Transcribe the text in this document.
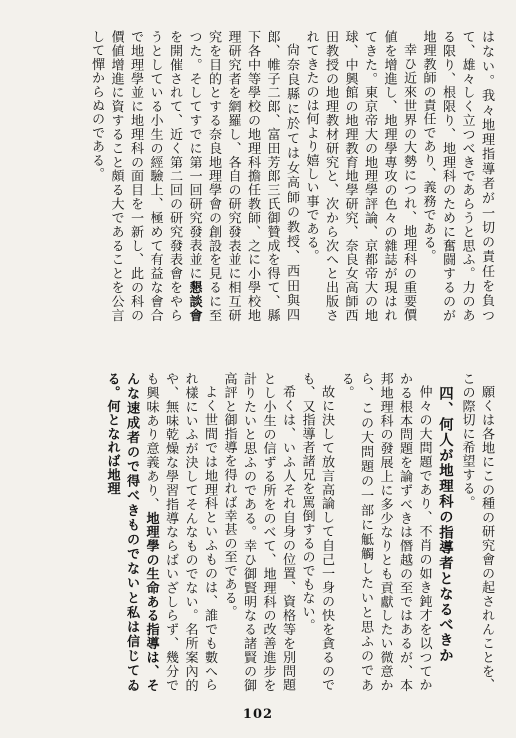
はない。我々地理指導者が一切の責任を負つて、雄々しく立つべきであらうと思ふ。力のある限り、根限り、地理科のために奮闘するのが地理教師の責任であり、義務である。

幸ひ近來世界の大勢につれ、地理科の重要價値を增進し、地理學專攻の色々の雜誌が現はれてきた。東京帝大の地理學評論、京都帝大の地球、中興館の地理教育地學研究、奈良女高師西田教授の地理教材研究と、次から次へと出版されてきたのは何より嬉しい事である。

尙奈良縣に於ては女高師の教授、西田與四郎、帷子二郎、富田芳郎三氏御贊成を得て、縣下各中等學校の地理科擔任教師、之に小學校地理研究者を網羅し、各自の研究發表並に相互研究を目的とする奈良地理學會の創設を見るに至つた。そしてすでに第一回研究發表並に懇談會を開催されて、近く第二回の研究發表會をやらうとしている小生の經驗上、極めて有益な會合で地理學並に地理科の面目を一新し、此の科の價値增進に資すること頗る大であることを公言して憚からぬのである。

願くは各地にこの種の研究會の起されんことを、この際切に希望する。

四、何人が地理科の指導者となるべきか

仲々の大問題であり、不肖の如き鈍才を以つてかかる根本問題を論ずべきは僭越の至ではあるが、本邦地理科の發展上に多少なりとも貢獻したい微意から、この大問題の一部に觝觸したいと思ふのである。

故に決して放言高論して自己一身の快を貪るのでも、又指導者諸兄を罵倒するのでもない。

希くは、いふ人それ自身の位置、資格等を別問題とし小生の信ずる所をのべて、地理科の改善進步を計りたいと思ふのである。幸ひ御賢明なる諸賢の御高評と御指導を得れば幸甚の至である。

よく世間では地理科といふものは、誰でも數へられ樣にいふが決してそんなものでない。名所案內的や、無味乾燥な學習指導ならばいざしらず、幾分でも興味あり意義あり、地理學の生命ある指導は、そんな速成者ので得べきものでないと私は信じてゐる。何となれば地理

102
